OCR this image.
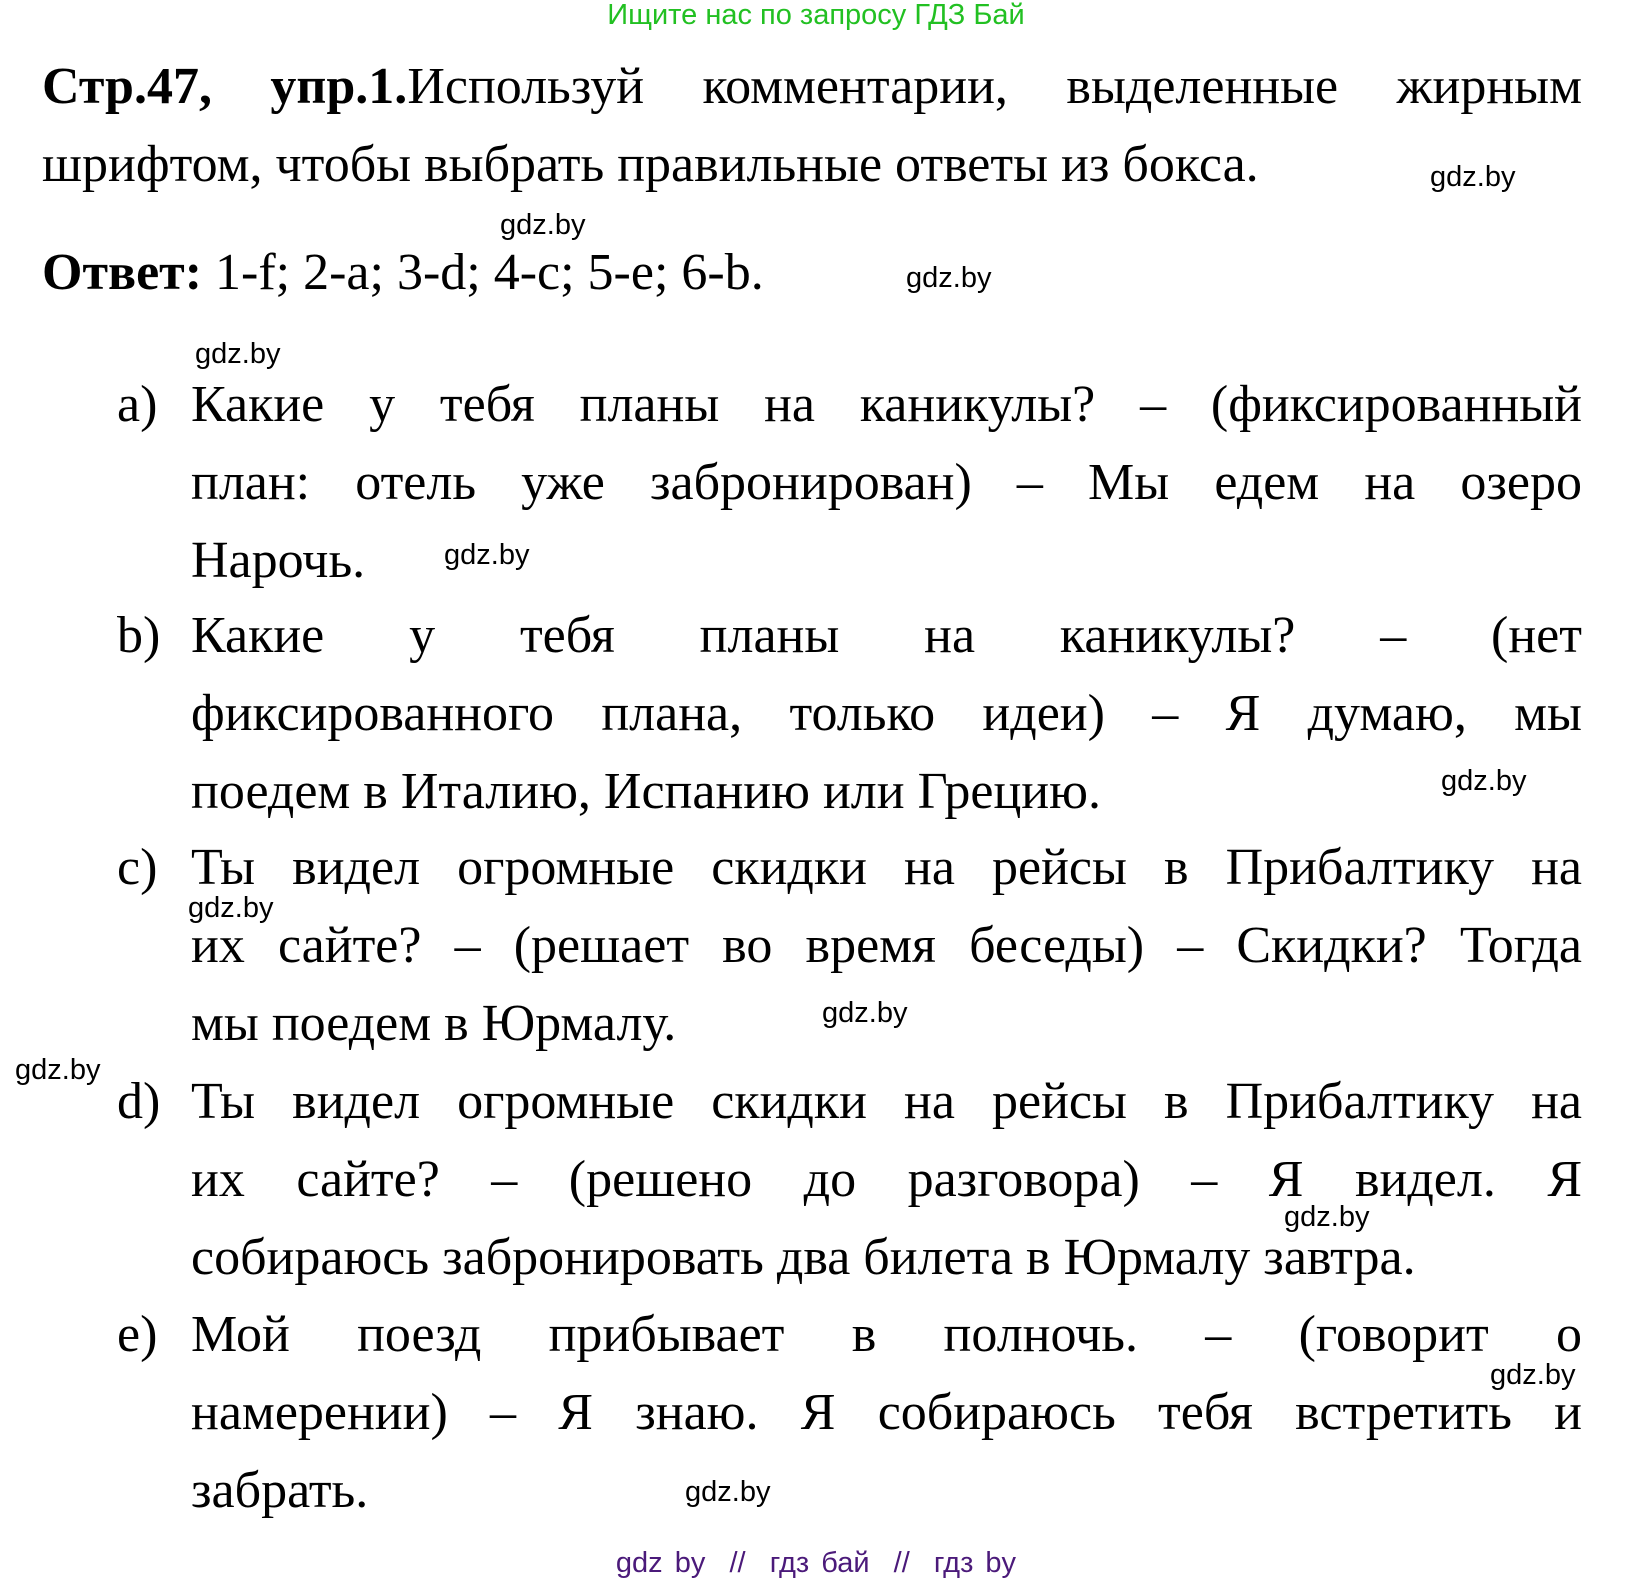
Ищите нас по запросу ГДЗ Бай
Стр.47, упр.1.Используй комментарии, выделенные жирным
шрифтом, чтобы выбрать правильные ответы из бокса.
Ответ: 1-f; 2-a; 3-d; 4-c; 5-e; 6-b.
a) Какие у тебя планы на каникулы? – (фиксированный
план: отель уже забронирован) – Мы едем на озеро
Нарочь.
b) Какие у тебя планы на каникулы? – (нет
фиксированного плана, только идеи) – Я думаю, мы
поедем в Италию, Испанию или Грецию.
c) Ты видел огромные скидки на рейсы в Прибалтику на
их сайте? – (решает во время беседы) – Скидки? Тогда
мы поедем в Юрмалу.
d) Ты видел огромные скидки на рейсы в Прибалтику на
их сайте? – (решено до разговора) – Я видел. Я
собираюсь забронировать два билета в Юрмалу завтра.
e) Мой поезд прибывает в полночь. – (говорит о
намерении) – Я знаю. Я собираюсь тебя встретить и
забрать.
gdz.by
gdz.by
gdz.by
gdz.by
gdz.by
gdz.by
gdz.by
gdz.by
gdz.by
gdz.by
gdz.by
gdz.by
gdz by  //  гдз бай  //  гдз by
